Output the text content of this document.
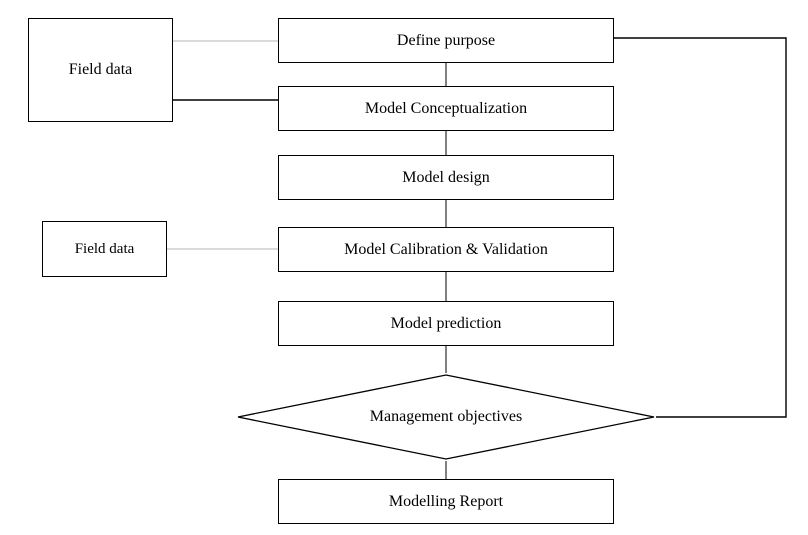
Field data
Define purpose
Model Conceptualization
Model design
Field data	Model Calibration & Validation
Model prediction
Management objectives
Modelling Report
